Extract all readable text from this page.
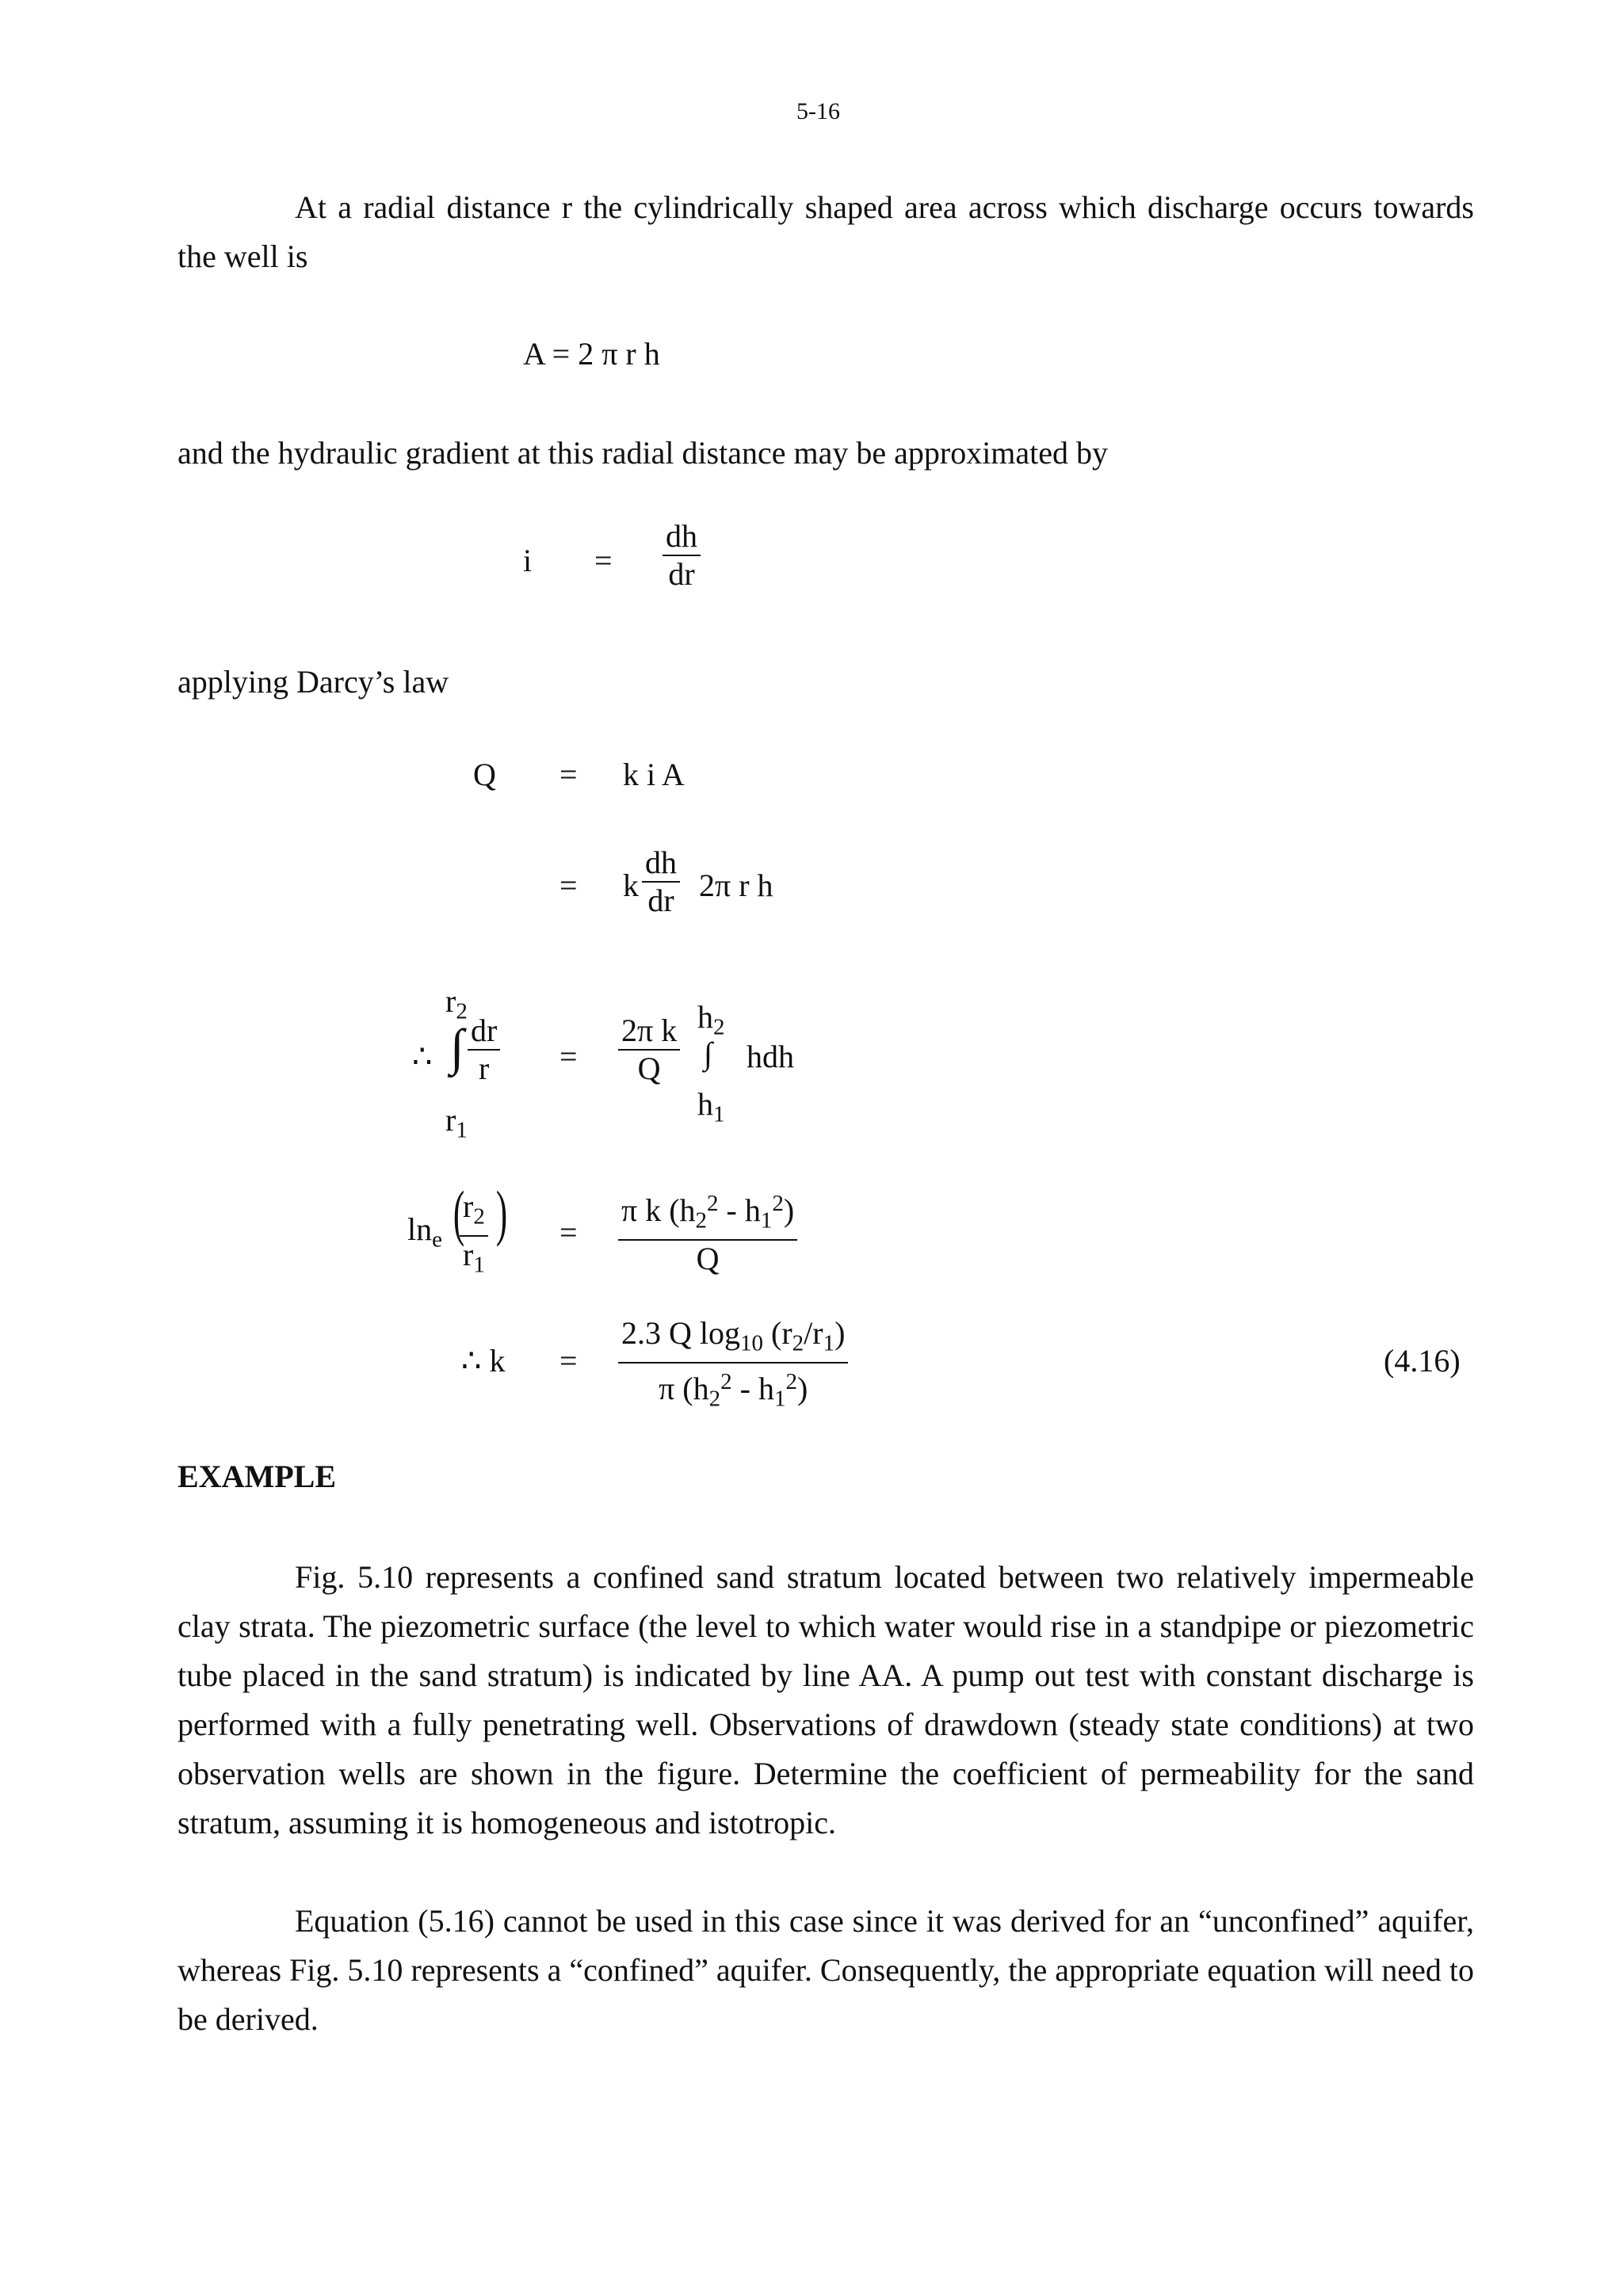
5-16
At a radial distance r the cylindrically shaped area across which discharge occurs towards the well is
A = 2 π r h
and the hydraulic gradient at this radial distance may be approximated by
$i = \frac{dh}{dr}$
applying Darcy’s law
Q = k i A
= k $\frac{dh}{dr} 2\pi$ r h
$r_2$
∴ ∫ $\frac{dr}{r}$
$r_1$
= $\frac{\text{2π k}}{Q} h_2$
∫
$h_1$
hdh
$\ln_e$ (
$\frac{r_2}{r_1}$ ) = $\frac{\pi k (h_2^2 - h_1^2)}{Q}$
∴ $k = \frac{2.3 Q \log_{10} (r_2/r_1)}{\pi (h_2^2 - h_1^2)}$	(4.16)
EXAMPLE
Fig. 5.10 represents a confined sand stratum located between two relatively impermeable clay strata. The piezometric surface (the level to which water would rise in a standpipe or piezometric tube placed in the sand stratum) is indicated by line AA. A pump out test with constant discharge is performed with a fully penetrating well. Observations of drawdown (steady state conditions) at two observation wells are shown in the figure. Determine the coefficient of permeability for the sand stratum, assuming it is homogeneous and istotropic.
Equation (5.16) cannot be used in this case since it was derived for an “unconfined” aquifer, whereas Fig. 5.10 represents a “confined” aquifer. Consequently, the appropriate equation will need to be derived.
